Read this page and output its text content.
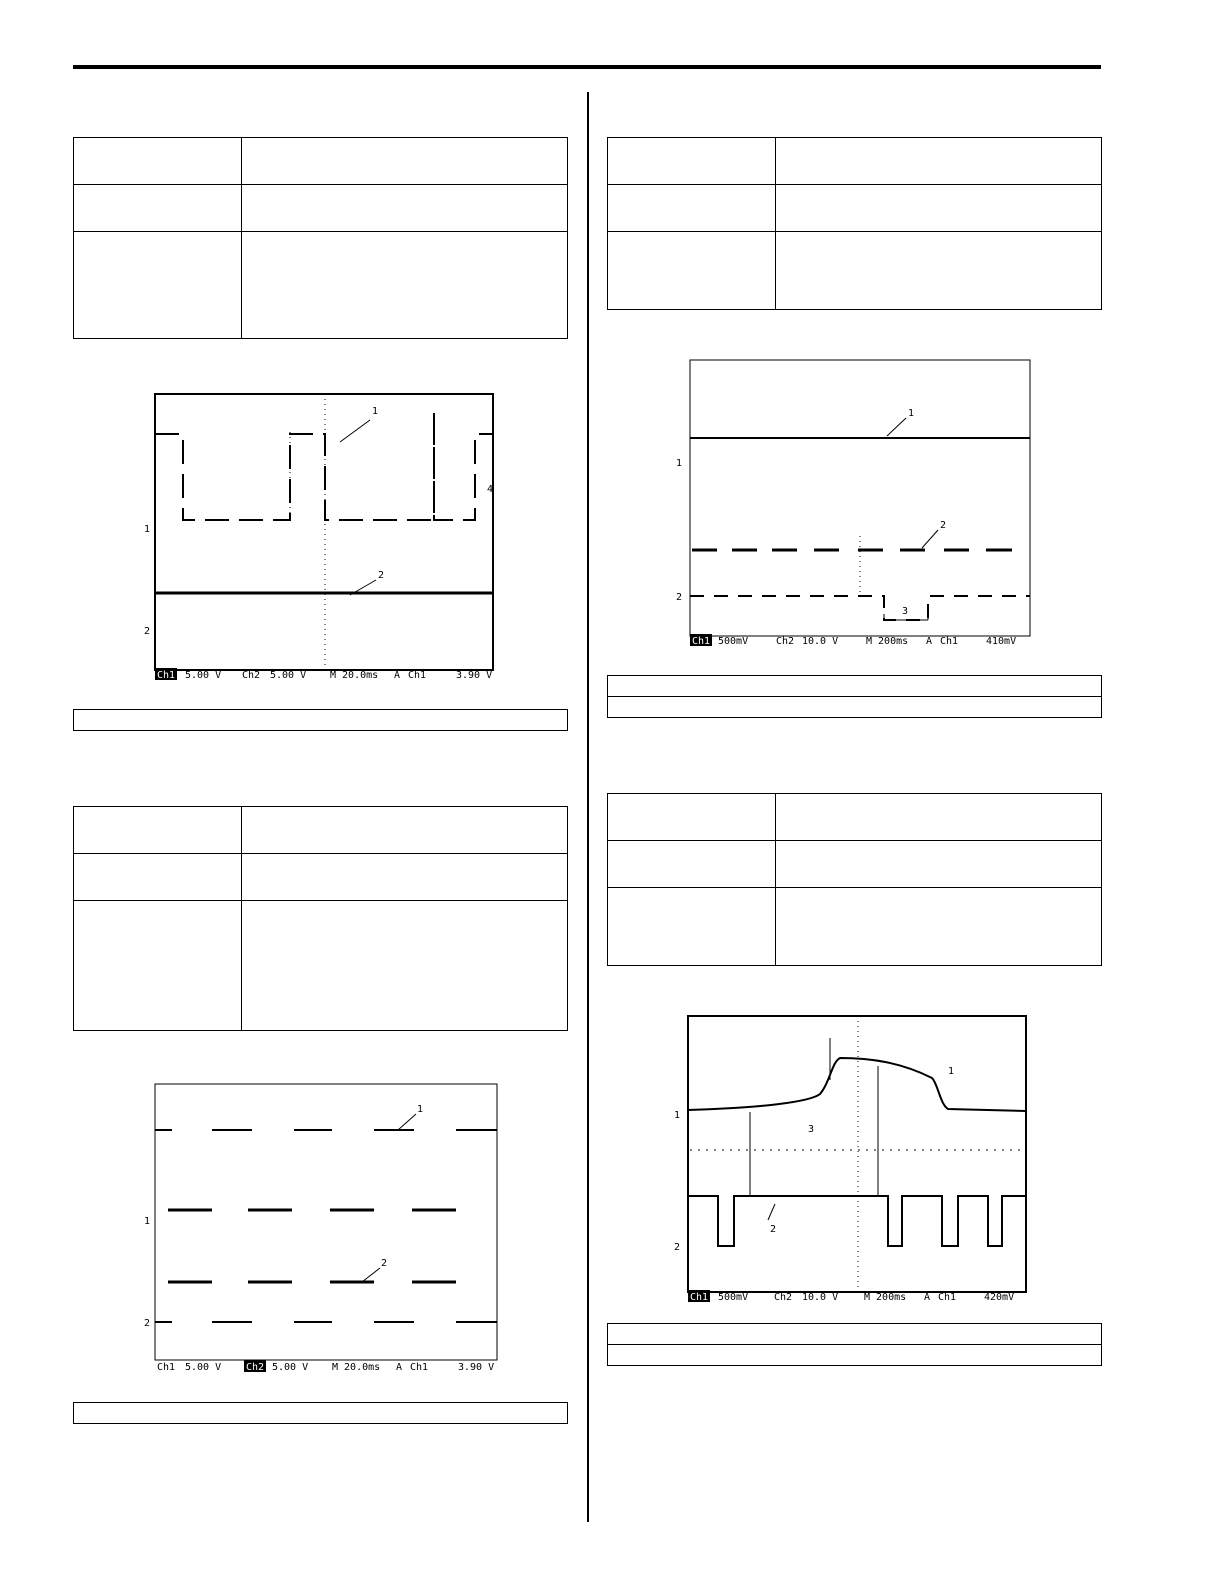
1
2
4
1
2
Ch1 5.00 V Ch2 5.00 V M 20.0ms A Ch1	3.90 V

1
2
1
2
Ch1 5.00 V Ch2 5.00 V M 20.0ms A Ch1	3.90 V

1
2
3
1
2
Ch1 500mV	Ch2 10.0 V	M 200ms A Ch1	410mV

1
2
3
1
2
Ch1 500mV	Ch2 10.0 V	M 200ms A Ch1	420mV
